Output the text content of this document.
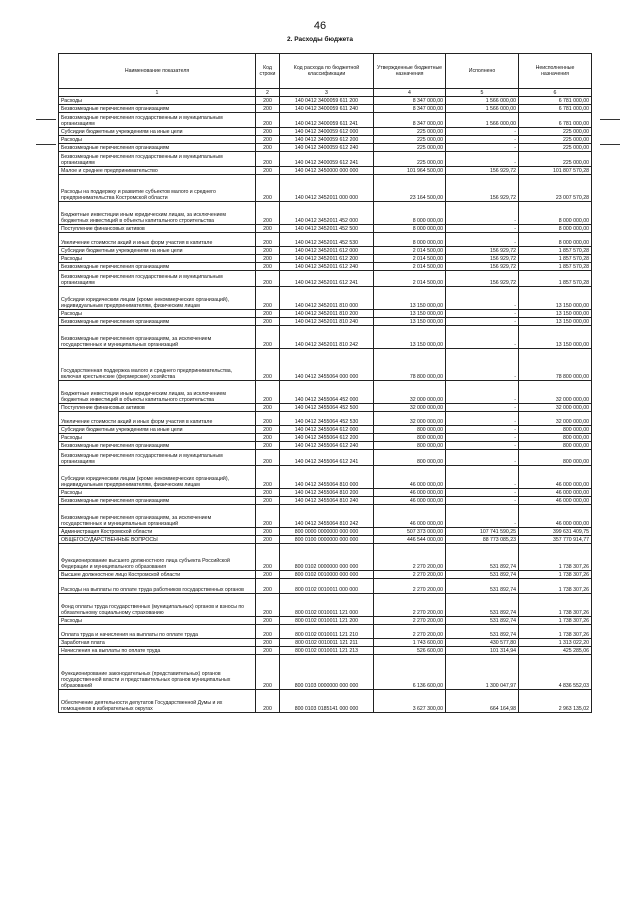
46
2. Расходы бюджета
Наименование показателя	Код строки	Код расхода по бюджетной классификации	Утвержденные бюджетные назначения	Исполнено	Неисполненные назначения
1	2	3	4	5	6
Расходы	200	140 0412 3400059 611 200	8 347 000,00	1 566 000,00	6 781 000,00
Безвозмездные перечисления организациям	200	140 0412 3400059 611 240	8 347 000,00	1 566 000,00	6 781 000,00
Безвозмездные перечисления государственным и муниципальным организациям	200	140 0412 3400059 611 241	8 347 000,00	1 566 000,00	6 781 000,00
Субсидии бюджетным учреждениям на иные цели	200	140 0412 3400059 612 000	225 000,00	-	225 000,00
Расходы	200	140 0412 3400059 612 200	225 000,00	-	225 000,00
Безвозмездные перечисления организациям	200	140 0412 3400059 612 240	225 000,00	-	225 000,00
Безвозмездные перечисления государственным и муниципальным организациям	200	140 0412 3400059 612 241	225 000,00	-	225 000,00
Малое и среднее предпринимательство	200	140 0412 3450000 000 000	101 964 500,00	156 929,72	101 807 570,28
Расходы на поддержку и развитие субъектов малого и среднего предпринимательства Костромской области	200	140 0412 3452011 000 000	23 164 500,00	156 929,72	23 007 570,28
Бюджетные инвестиции иным юридическим лицам, за исключением бюджетных инвестиций в объекты капитального строительства	200	140 0412 3452011 452 000	8 000 000,00	-	8 000 000,00
Поступление финансовых активов	200	140 0412 3452011 452 500	8 000 000,00	-	8 000 000,00
Увеличение стоимости акций и иных форм участия в капитале	200	140 0412 3452011 452 530	8 000 000,00	-	8 000 000,00
Субсидии бюджетным учреждениям на иные цели	200	140 0412 3452011 612 000	2 014 500,00	156 929,72	1 857 570,28
Расходы	200	140 0412 3452011 612 200	2 014 500,00	156 929,72	1 857 570,28
Безвозмездные перечисления организациям	200	140 0412 3452011 612 240	2 014 500,00	156 929,72	1 857 570,28
Безвозмездные перечисления государственным и муниципальным организациям	200	140 0412 3452011 612 241	2 014 500,00	156 929,72	1 857 570,28
Субсидии юридическим лицам (кроме некоммерческих организаций), индивидуальным предпринимателям, физическим лицам	200	140 0412 3452011 810 000	13 150 000,00	-	13 150 000,00
Расходы	200	140 0412 3452011 810 200	13 150 000,00	-	13 150 000,00
Безвозмездные перечисления организациям	200	140 0412 3452011 810 240	13 150 000,00	-	13 150 000,00
Безвозмездные перечисления организациям, за исключением государственных и муниципальных организаций	200	140 0412 3452011 810 242	13 150 000,00	-	13 150 000,00
Государственная поддержка малого и среднего предпринимательства, включая крестьянские (фермерские) хозяйства	200	140 0412 3455064 000 000	78 800 000,00	-	78 800 000,00
Бюджетные инвестиции иным юридическим лицам, за исключением бюджетных инвестиций в объекты капитального строительства	200	140 0412 3455064 452 000	32 000 000,00	-	32 000 000,00
Поступление финансовых активов	200	140 0412 3455064 452 500	32 000 000,00	-	32 000 000,00
Увеличение стоимости акций и иных форм участия в капитале	200	140 0412 3455064 452 530	32 000 000,00	-	32 000 000,00
Субсидии бюджетным учреждениям на иные цели	200	140 0412 3455064 612 000	800 000,00	-	800 000,00
Расходы	200	140 0412 3455064 612 200	800 000,00	-	800 000,00
Безвозмездные перечисления организациям	200	140 0412 3455064 612 240	800 000,00	-	800 000,00
Безвозмездные перечисления государственным и муниципальным организациям	200	140 0412 3455064 612 241	800 000,00	-	800 000,00
Субсидии юридическим лицам (кроме некоммерческих организаций), индивидуальным предпринимателям, физическим лицам	200	140 0412 3455064 810 000	46 000 000,00	-	46 000 000,00
Расходы	200	140 0412 3455064 810 200	46 000 000,00	-	46 000 000,00
Безвозмездные перечисления организациям	200	140 0412 3455064 810 240	46 000 000,00	-	46 000 000,00
Безвозмездные перечисления организациям, за исключением государственных и муниципальных организаций	200	140 0412 3455064 810 242	46 000 000,00	-	46 000 000,00
Администрация Костромской области	200	800 0000 0000000 000 000	507 373 000,00	107 741 590,25	399 631 409,75
ОБЩЕГОСУДАРСТВЕННЫЕ ВОПРОСЫ	200	800 0100 0000000 000 000	446 544 000,00	88 773 085,23	357 770 914,77
Функционирование высшего должностного лица субъекта Российской Федерации и муниципального образования	200	800 0102 0000000 000 000	2 270 200,00	531 892,74	1 738 307,26
Высшее должностное лицо Костромской области	200	800 0102 0010000 000 000	2 270 200,00	531 892,74	1 738 307,26
Расходы на выплаты по оплате труда работников государственных органов	200	800 0102 0010011 000 000	2 270 200,00	531 892,74	1 738 307,26
Фонд оплаты труда государственных (муниципальных) органов и взносы по обязательному социальному страхованию	200	800 0102 0010011 121 000	2 270 200,00	531 892,74	1 738 307,26
Расходы	200	800 0102 0010011 121 200	2 270 200,00	531 892,74	1 738 307,26
Оплата труда и начисления на выплаты по оплате труда	200	800 0102 0010011 121 210	2 270 200,00	531 892,74	1 738 307,26
Заработная плата	200	800 0102 0010011 121 211	1 743 600,00	430 577,80	1 313 022,20
Начисления на выплаты по оплате труда	200	800 0102 0010011 121 213	526 600,00	101 314,94	425 285,06
Функционирование законодательных (представительных) органов государственной власти и представительных органов муниципальных образований	200	800 0103 0000000 000 000	6 136 600,00	1 300 047,97	4 836 552,03
Обеспечение деятельности депутатов Государственной Думы и их помощников в избирательных округах	200	800 0103 0185141 000 000	3 627 300,00	664 164,98	2 963 135,02
